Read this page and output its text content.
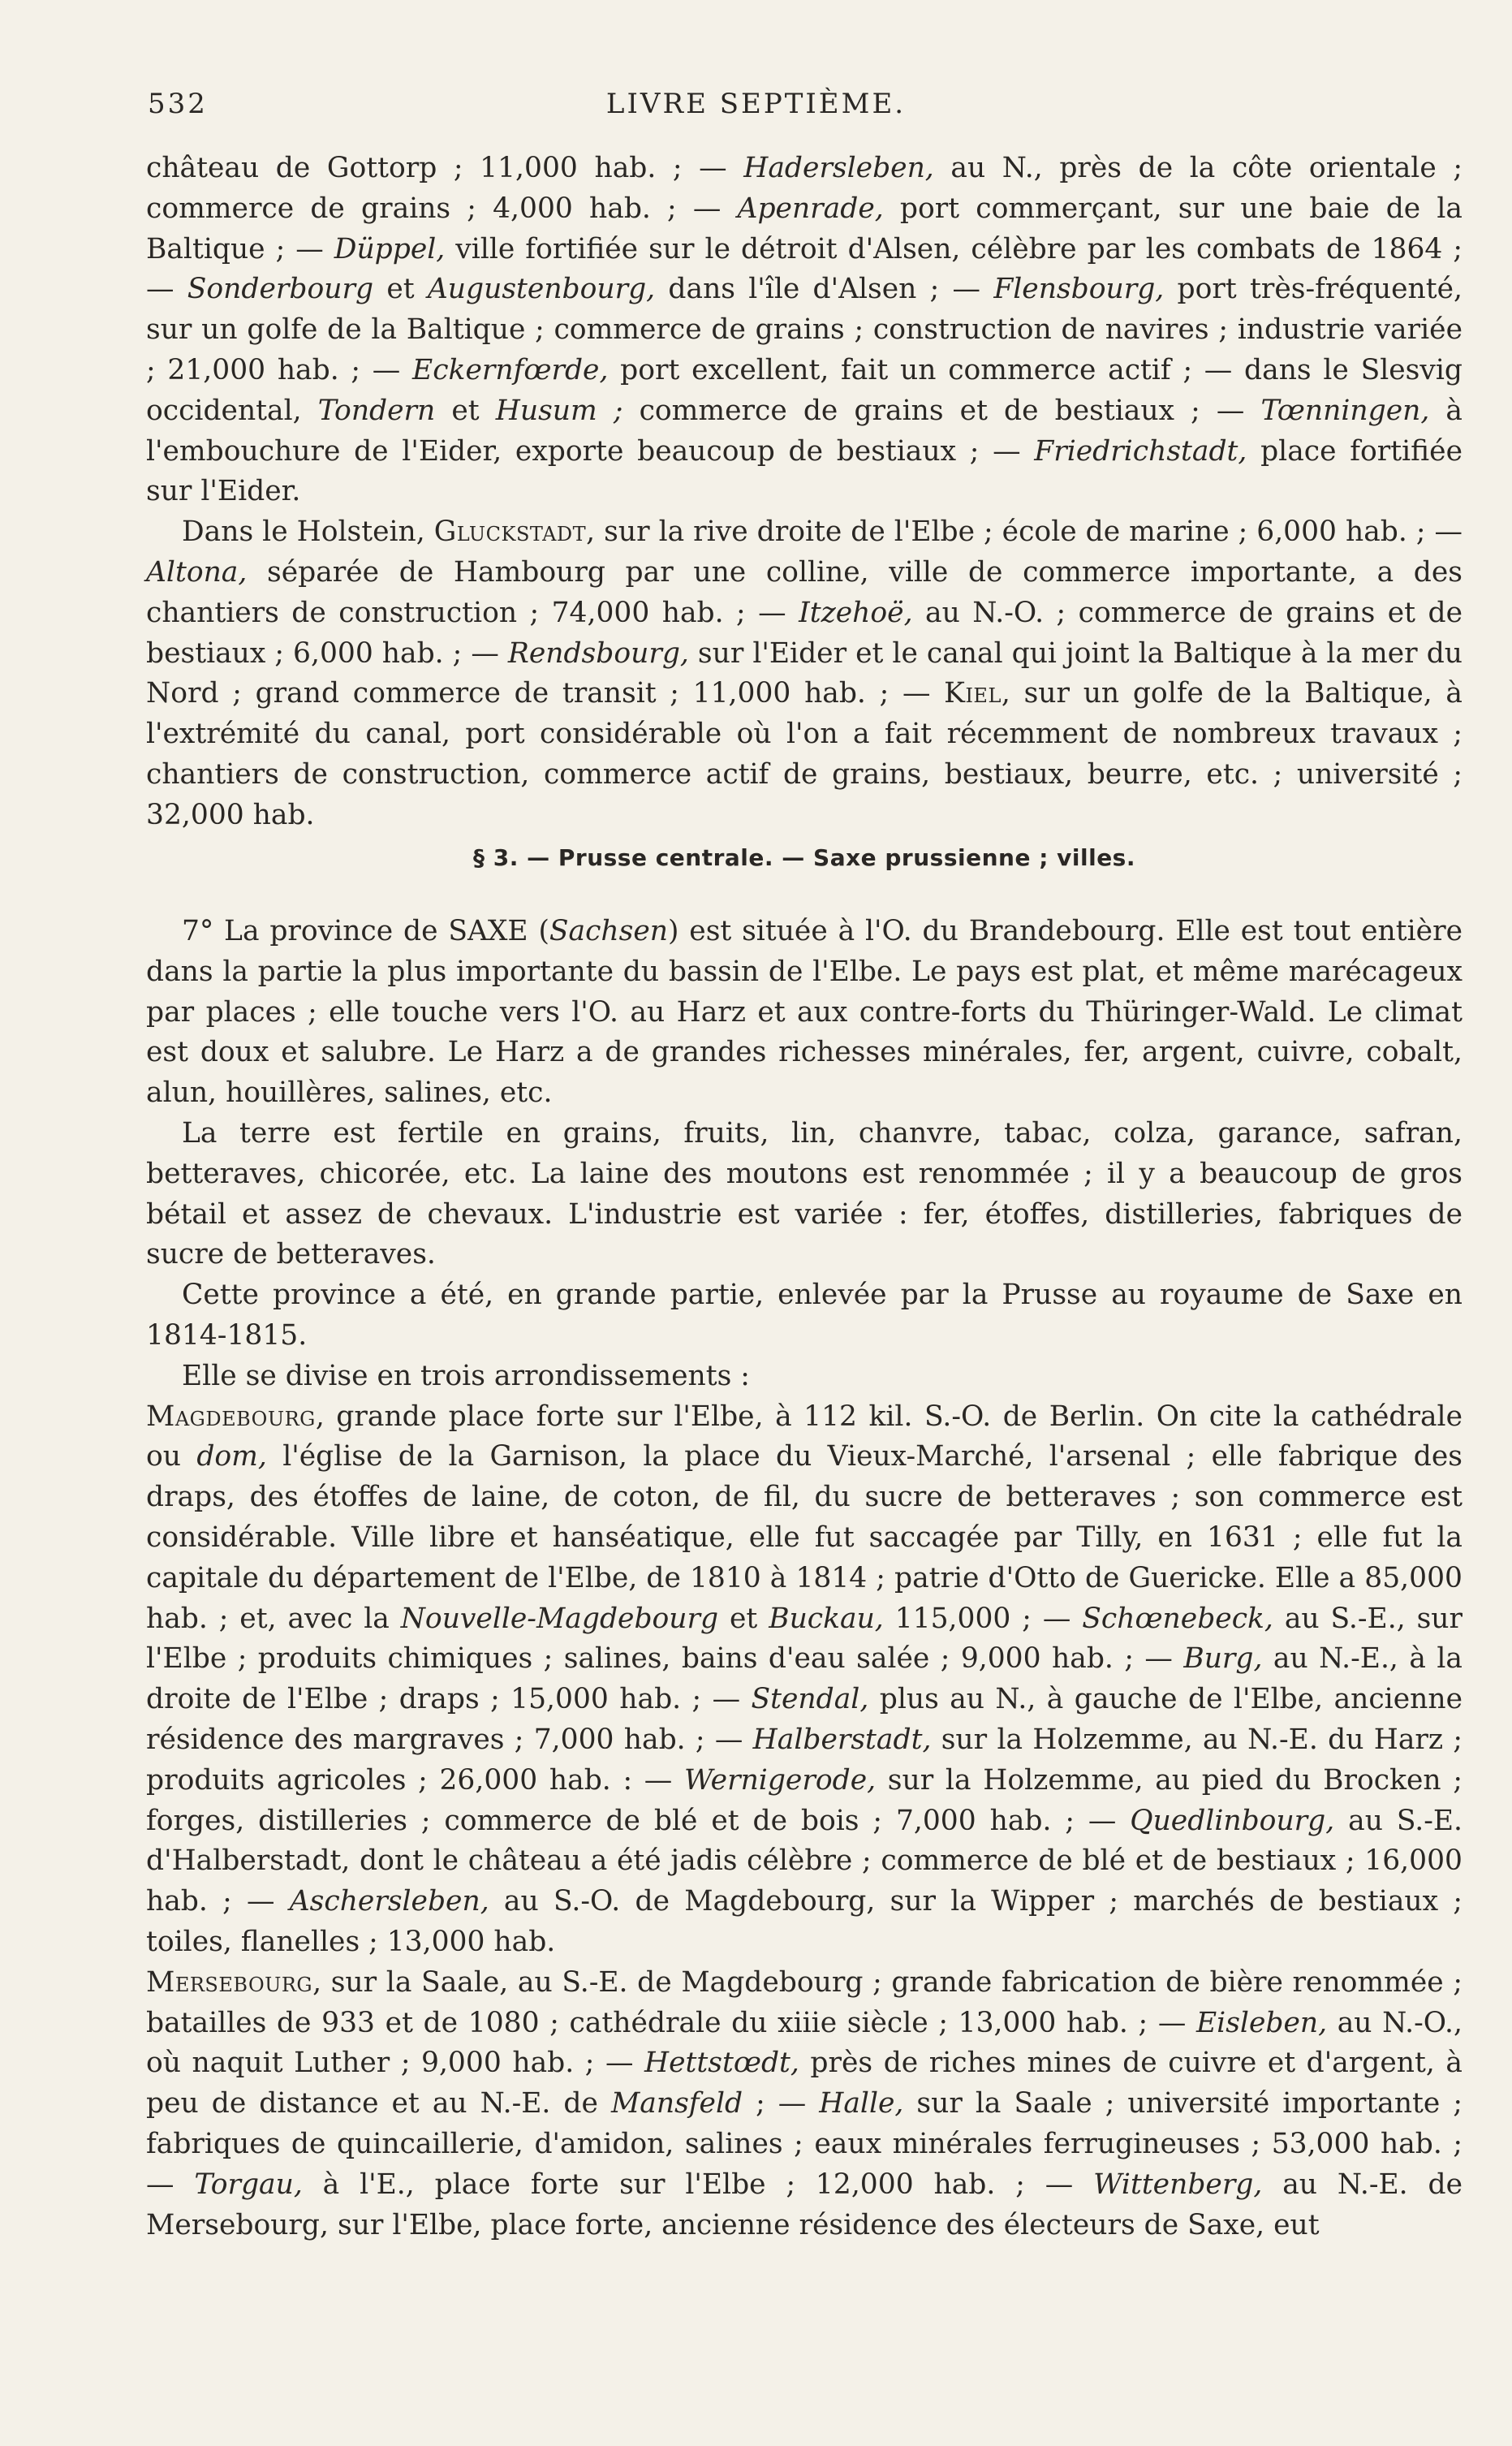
532	LIVRE SEPTIÈME.

château de Gottorp ; 11,000 hab. ; — Hadersleben, au N., près de la côte orientale ; commerce de grains ; 4,000 hab. ; — Apenrade, port commerçant, sur une baie de la Baltique ; — Düppel, ville fortifiée sur le détroit d'Alsen, célèbre par les combats de 1864 ; — Sonderbourg et Augustenbourg, dans l'île d'Alsen ; — Flensbourg, port très-fréquenté, sur un golfe de la Baltique ; commerce de grains ; construction de navires ; industrie variée ; 21,000 hab. ; — Eckernfœrde, port excellent, fait un commerce actif ; — dans le Slesvig occidental, Tondern et Husum ; commerce de grains et de bestiaux ; — Tœnningen, à l'embouchure de l'Eider, exporte beaucoup de bestiaux ; — Friedrichstadt, place fortifiée sur l'Eider.

Dans le Holstein, Gluckstadt, sur la rive droite de l'Elbe ; école de marine ; 6,000 hab. ; — Altona, séparée de Hambourg par une colline, ville de commerce importante, a des chantiers de construction ; 74,000 hab. ; — Itzehoë, au N.-O. ; commerce de grains et de bestiaux ; 6,000 hab. ; — Rendsbourg, sur l'Eider et le canal qui joint la Baltique à la mer du Nord ; grand commerce de transit ; 11,000 hab. ; — Kiel, sur un golfe de la Baltique, à l'extrémité du canal, port considérable où l'on a fait récemment de nombreux travaux ; chantiers de construction, commerce actif de grains, bestiaux, beurre, etc. ; université ; 32,000 hab.

§ 3. — Prusse centrale. — Saxe prussienne ; villes.

7° La province de SAXE (Sachsen) est située à l'O. du Brandebourg. Elle est tout entière dans la partie la plus importante du bassin de l'Elbe. Le pays est plat, et même marécageux par places ; elle touche vers l'O. au Harz et aux contre-forts du Thüringer-Wald. Le climat est doux et salubre. Le Harz a de grandes richesses minérales, fer, argent, cuivre, cobalt, alun, houillères, salines, etc.

La terre est fertile en grains, fruits, lin, chanvre, tabac, colza, garance, safran, betteraves, chicorée, etc. La laine des moutons est renommée ; il y a beaucoup de gros bétail et assez de chevaux. L'industrie est variée : fer, étoffes, distilleries, fabriques de sucre de betteraves.

Cette province a été, en grande partie, enlevée par la Prusse au royaume de Saxe en 1814-1815.

Elle se divise en trois arrondissements :

Magdebourg, grande place forte sur l'Elbe, à 112 kil. S.-O. de Berlin. On cite la cathédrale ou dom, l'église de la Garnison, la place du Vieux-Marché, l'arsenal ; elle fabrique des draps, des étoffes de laine, de coton, de fil, du sucre de betteraves ; son commerce est considérable. Ville libre et hanséatique, elle fut saccagée par Tilly, en 1631 ; elle fut la capitale du département de l'Elbe, de 1810 à 1814 ; patrie d'Otto de Guericke. Elle a 85,000 hab. ; et, avec la Nouvelle-Magdebourg et Buckau, 115,000 ; — Schœnebeck, au S.-E., sur l'Elbe ; produits chimiques ; salines, bains d'eau salée ; 9,000 hab. ; — Burg, au N.-E., à la droite de l'Elbe ; draps ; 15,000 hab. ; — Stendal, plus au N., à gauche de l'Elbe, ancienne résidence des margraves ; 7,000 hab. ; — Halberstadt, sur la Holzemme, au N.-E. du Harz ; produits agricoles ; 26,000 hab. : — Wernigerode, sur la Holzemme, au pied du Brocken ; forges, distilleries ; commerce de blé et de bois ; 7,000 hab. ; — Quedlinbourg, au S.-E. d'Halberstadt, dont le château a été jadis célèbre ; commerce de blé et de bestiaux ; 16,000 hab. ; — Aschersleben, au S.-O. de Magdebourg, sur la Wipper ; marchés de bestiaux ; toiles, flanelles ; 13,000 hab.

Mersebourg, sur la Saale, au S.-E. de Magdebourg ; grande fabrication de bière renommée ; batailles de 933 et de 1080 ; cathédrale du xiiie siècle ; 13,000 hab. ; — Eisleben, au N.-O., où naquit Luther ; 9,000 hab. ; — Hettstœdt, près de riches mines de cuivre et d'argent, à peu de distance et au N.-E. de Mansfeld ; — Halle, sur la Saale ; université importante ; fabriques de quincaillerie, d'amidon, salines ; eaux minérales ferrugineuses ; 53,000 hab. ; — Torgau, à l'E., place forte sur l'Elbe ; 12,000 hab. ; — Wittenberg, au N.-E. de Mersebourg, sur l'Elbe, place forte, ancienne résidence des électeurs de Saxe, eut
